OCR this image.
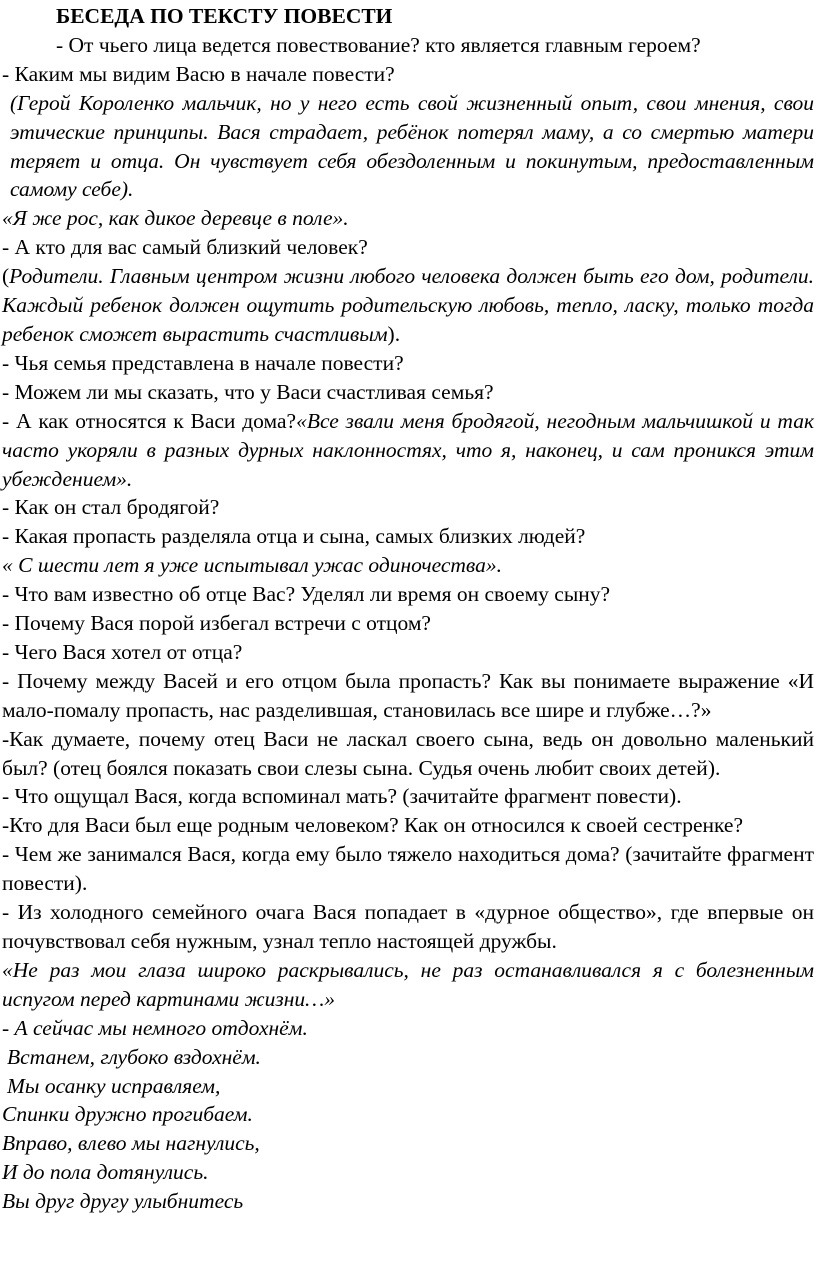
БЕСЕДА ПО ТЕКСТУ ПОВЕСТИ

- От чьего лица ведется повествование? кто является главным героем?

- Каким мы видим Васю в начале повести?

(Герой Короленко мальчик, но у него есть свой жизненный опыт, свои мнения, свои этические принципы. Вася страдает, ребёнок потерял маму, а со смертью матери теряет и отца. Он чувствует себя обездоленным и покинутым, предоставленным самому себе).

«Я же рос, как дикое деревце в поле».

- А кто для вас самый близкий человек?

(Родители. Главным центром жизни любого человека должен быть его дом, родители. Каждый ребенок должен ощутить родительскую любовь, тепло, ласку, только тогда ребенок сможет вырастить счастливым).

- Чья семья представлена в начале повести?

- Можем ли мы сказать, что у Васи счастливая семья?

- А как относятся к Васи дома?«Все звали меня бродягой, негодным мальчишкой и так часто укоряли в разных дурных наклонностях, что я, наконец, и сам проникся этим убеждением».

- Как он стал бродягой?

- Какая пропасть разделяла отца и сына, самых близких людей?

« С шести лет я уже испытывал ужас одиночества».

- Что вам известно об отце Вас? Уделял ли время он своему сыну?

- Почему Вася порой избегал встречи с отцом?

- Чего Вася хотел от отца?

- Почему между Васей и его отцом была пропасть? Как вы понимаете выражение «И мало-помалу пропасть, нас разделившая, становилась все шире и глубже…?»

-Как думаете, почему отец Васи не ласкал своего сына, ведь он довольно маленький был? (отец боялся показать свои слезы сына. Судья очень любит своих детей).

- Что ощущал Вася, когда вспоминал мать? (зачитайте фрагмент повести).

-Кто для Васи был еще родным человеком? Как он относился к своей сестренке?

- Чем же занимался Вася, когда ему было тяжело находиться дома? (зачитайте фрагмент повести).

- Из холодного семейного очага Вася попадает в «дурное общество», где впервые он почувствовал себя нужным, узнал тепло настоящей дружбы.

«Не раз мои глаза широко раскрывались, не раз останавливался я с болезненным испугом перед картинами жизни…»

- А сейчас мы немного отдохнём.

Встанем, глубоко вздохнём.

Мы осанку исправляем,

Спинки дружно прогибаем.

Вправо, влево мы нагнулись,

И до пола дотянулись.

Вы друг другу улыбнитесь
